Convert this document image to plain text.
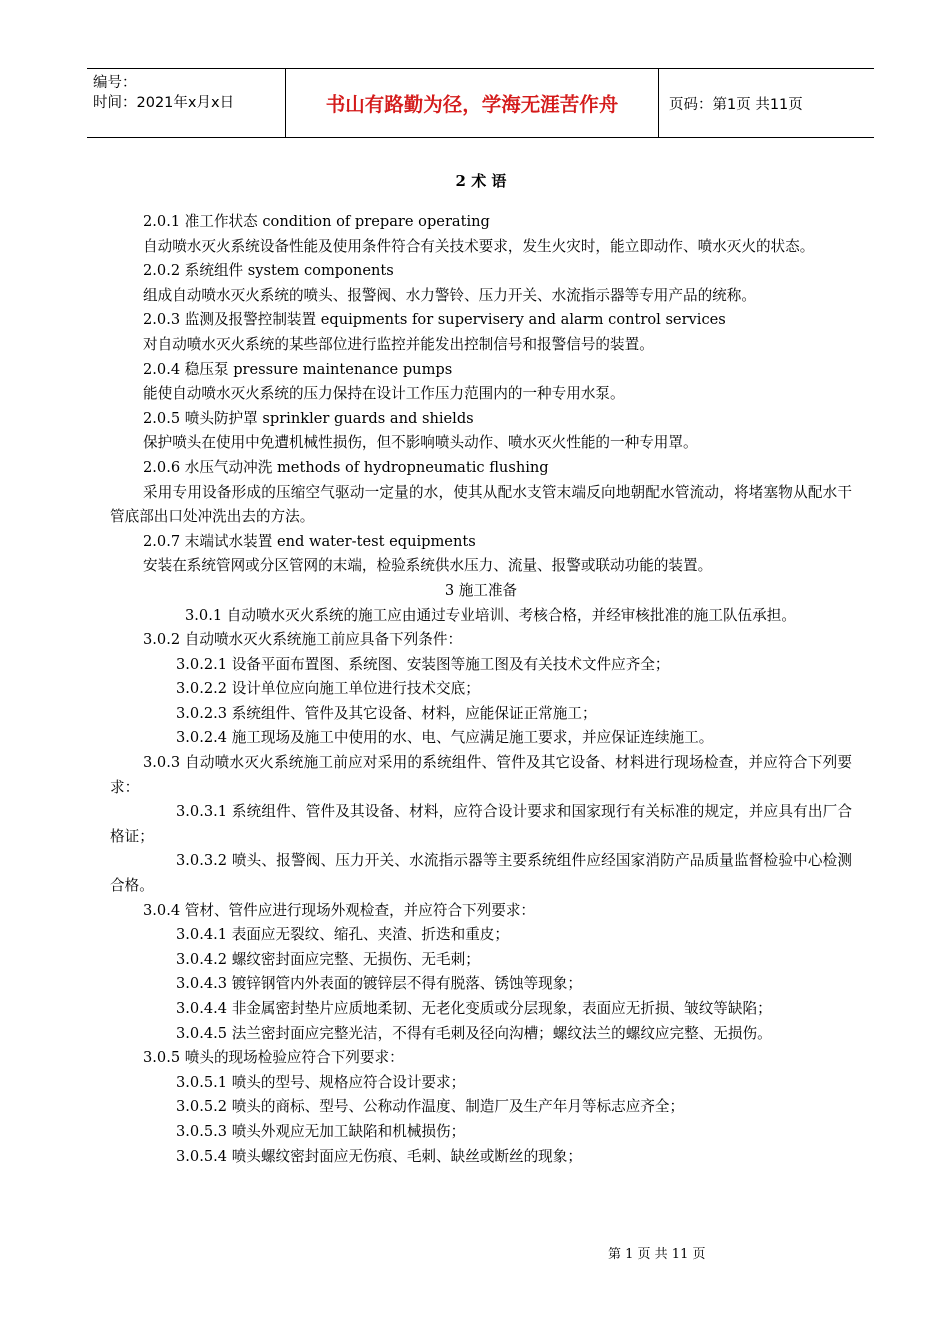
编号：
时间：2021年x月x日	书山有路勤为径，学海无涯苦作舟	页码：第1页 共11页
2 术 语

2.0.1 准工作状态 condition of prepare operating

自动喷水灭火系统设备性能及使用条件符合有关技术要求，发生火灾时，能立即动作、喷水灭火的状态。

2.0.2 系统组件 system components

组成自动喷水灭火系统的喷头、报警阀、水力警铃、压力开关、水流指示器等专用产品的统称。

2.0.3 监测及报警控制装置 equipments for supervisery and alarm control services

对自动喷水灭火系统的某些部位进行监控并能发出控制信号和报警信号的装置。

2.0.4 稳压泵 pressure maintenance pumps

能使自动喷水灭火系统的压力保持在设计工作压力范围内的一种专用水泵。

2.0.5 喷头防护罩 sprinkler guards and shields

保护喷头在使用中免遭机械性损伤，但不影响喷头动作、喷水灭火性能的一种专用罩。

2.0.6 水压气动冲洗 methods of hydropneumatic flushing

采用专用设备形成的压缩空气驱动一定量的水，使其从配水支管末端反向地朝配水管流动，将堵塞物从配水干管底部出口处冲洗出去的方法。

2.0.7 末端试水装置 end water-test equipments

安装在系统管网或分区管网的末端，检验系统供水压力、流量、报警或联动功能的装置。

3 施工准备

3.0.1 自动喷水灭火系统的施工应由通过专业培训、考核合格，并经审核批准的施工队伍承担。

3.0.2 自动喷水灭火系统施工前应具备下列条件：

3.0.2.1 设备平面布置图、系统图、安装图等施工图及有关技术文件应齐全；

3.0.2.2 设计单位应向施工单位进行技术交底；

3.0.2.3 系统组件、管件及其它设备、材料，应能保证正常施工；

3.0.2.4 施工现场及施工中使用的水、电、气应满足施工要求，并应保证连续施工。

3.0.3 自动喷水灭火系统施工前应对采用的系统组件、管件及其它设备、材料进行现场检查，并应符合下列要求：

3.0.3.1 系统组件、管件及其设备、材料，应符合设计要求和国家现行有关标准的规定，并应具有出厂合格证；

3.0.3.2 喷头、报警阀、压力开关、水流指示器等主要系统组件应经国家消防产品质量监督检验中心检测合格。

3.0.4 管材、管件应进行现场外观检查，并应符合下列要求：

3.0.4.1 表面应无裂纹、缩孔、夹渣、折迭和重皮；

3.0.4.2 螺纹密封面应完整、无损伤、无毛刺；

3.0.4.3 镀锌钢管内外表面的镀锌层不得有脱落、锈蚀等现象；

3.0.4.4 非金属密封垫片应质地柔韧、无老化变质或分层现象，表面应无折损、皱纹等缺陷；

3.0.4.5 法兰密封面应完整光洁，不得有毛刺及径向沟槽；螺纹法兰的螺纹应完整、无损伤。

3.0.5 喷头的现场检验应符合下列要求：

3.0.5.1 喷头的型号、规格应符合设计要求；

3.0.5.2 喷头的商标、型号、公称动作温度、制造厂及生产年月等标志应齐全；

3.0.5.3 喷头外观应无加工缺陷和机械损伤；

3.0.5.4 喷头螺纹密封面应无伤痕、毛刺、缺丝或断丝的现象；

第 1 页 共 11 页
